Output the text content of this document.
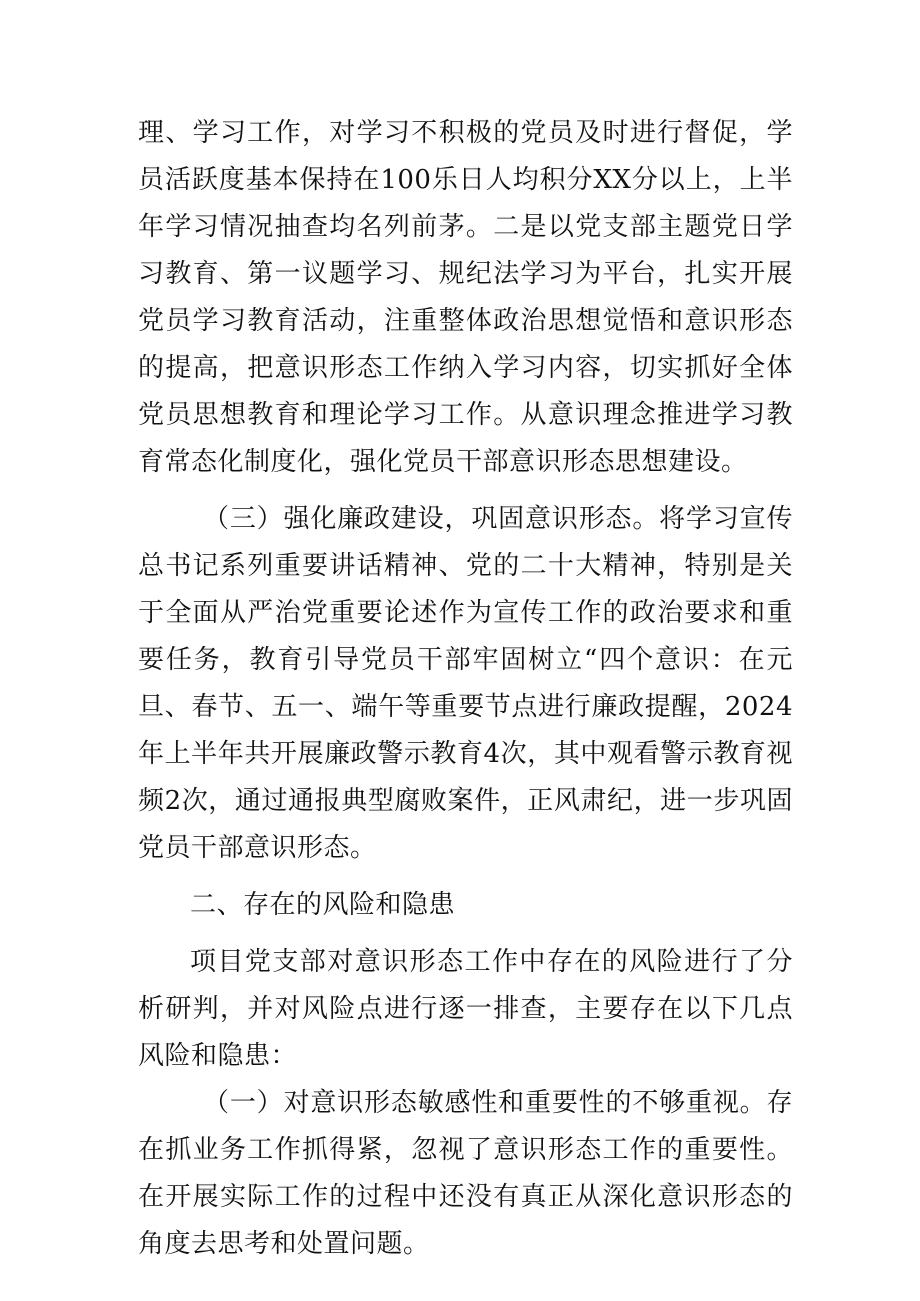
理、学习工作，对学习不积极的党员及时进行督促，学员活跃度基本保持在100乐日人均积分XX分以上，上半年学习情况抽查均名列前茅。二是以党支部主题党日学习教育、第一议题学习、规纪法学习为平台，扎实开展党员学习教育活动，注重整体政治思想觉悟和意识形态的提高，把意识形态工作纳入学习内容，切实抓好全体党员思想教育和理论学习工作。从意识理念推进学习教育常态化制度化，强化党员干部意识形态思想建设。

（三）强化廉政建设，巩固意识形态。将学习宣传总书记系列重要讲话精神、党的二十大精神，特别是关于全面从严治党重要论述作为宣传工作的政治要求和重要任务，教育引导党员干部牢固树立“四个意识：在元旦、春节、五一、端午等重要节点进行廉政提醒，2024年上半年共开展廉政警示教育4次，其中观看警示教育视频2次，通过通报典型腐败案件，正风肃纪，进一步巩固党员干部意识形态。

二、存在的风险和隐患

项目党支部对意识形态工作中存在的风险进行了分析研判，并对风险点进行逐一排查，主要存在以下几点风险和隐患：

（一）对意识形态敏感性和重要性的不够重视。存在抓业务工作抓得紧，忽视了意识形态工作的重要性。在开展实际工作的过程中还没有真正从深化意识形态的角度去思考和处置问题。
